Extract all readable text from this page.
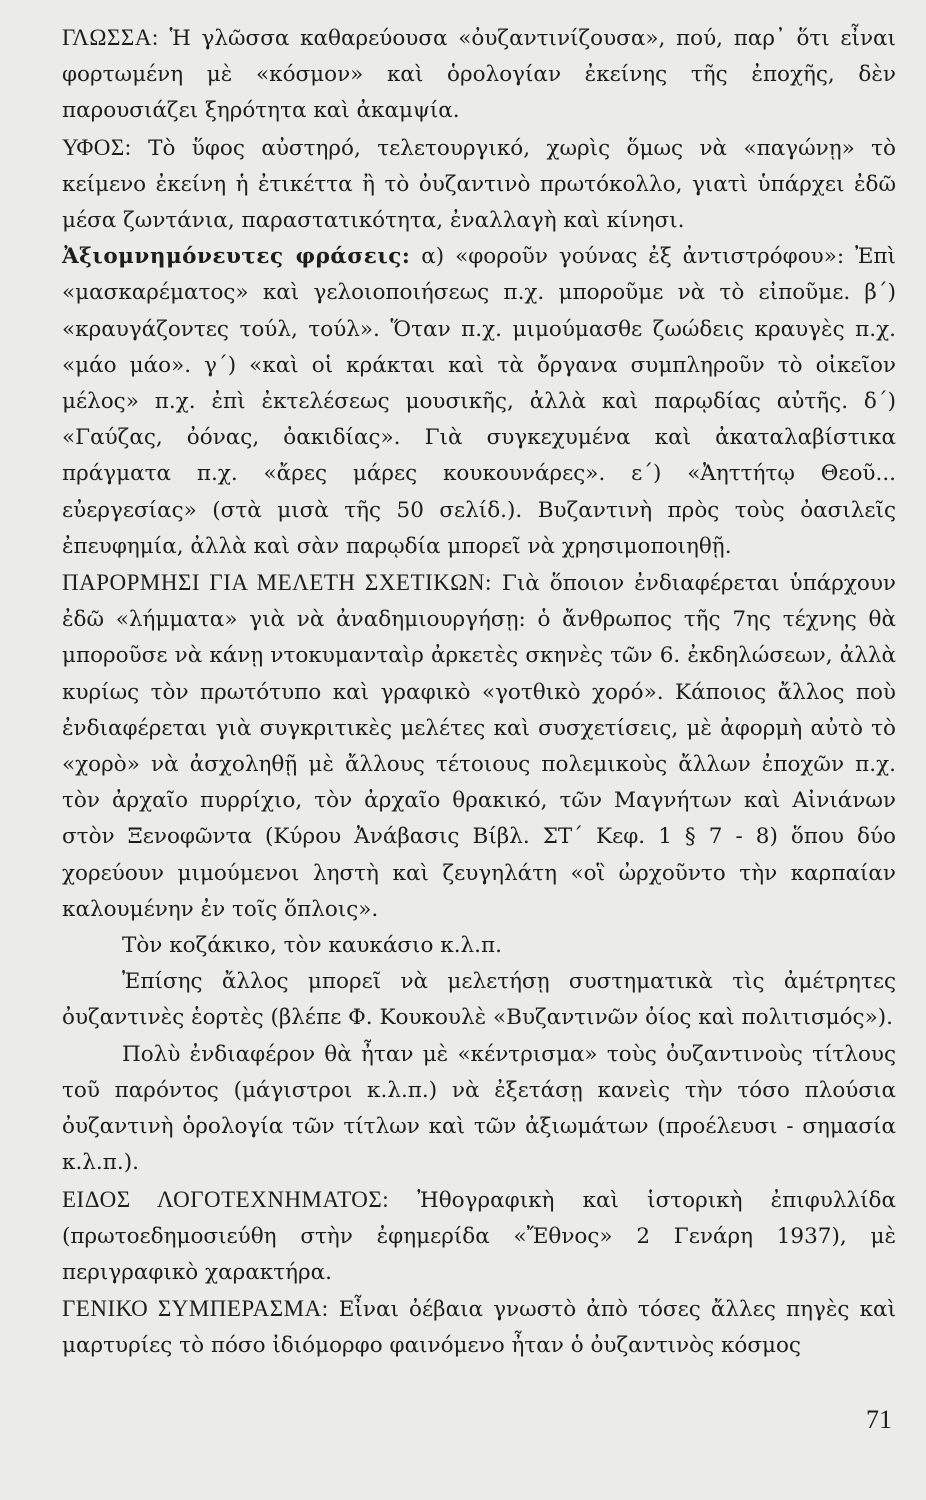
ΓΛΩΣΣΑ: Ἡ γλῶσσα καθαρεύουσα «ὀυζαντινίζουσα», πού, παρ᾽ ὅτι εἶναι φορτωμένη μὲ «κόσμον» καὶ ὁρολογίαν ἐκείνης τῆς ἐποχῆς, δὲν παρουσιάζει ξηρότητα καὶ ἀκαμψία.

ΥΦΟΣ: Τὸ ὕφος αὐστηρό, τελετουργικό, χωρὶς ὅμως νὰ «παγώνῃ» τὸ κείμενο ἐκείνη ἡ ἐτικέττα ἢ τὸ ὀυζαντινὸ πρωτόκολλο, γιατὶ ὑπάρχει ἐδῶ μέσα ζωντάνια, παραστατικότητα, ἐναλλαγὴ καὶ κίνησι.

Ἀξιομνημόνευτες φράσεις: α) «φοροῦν γούνας ἐξ ἀντιστρόφου»: Ἐπὶ «μασκαρέματος» καὶ γελοιοποιήσεως π.χ. μποροῦμε νὰ τὸ εἰποῦμε. β΄) «κραυγάζοντες τούλ, τούλ». Ὅταν π.χ. μιμούμασθε ζωώδεις κραυγὲς π.χ. «μάο μάο». γ΄) «καὶ οἱ κράκται καὶ τὰ ὄργανα συμπληροῦν τὸ οἰκεῖον μέλος» π.χ. ἐπὶ ἐκτελέσεως μουσικῆς, ἀλλὰ καὶ παρῳδίας αὐτῆς. δ΄) «Γαύζας, ὀόνας, ὀακιδίας». Γιὰ συγκεχυμένα καὶ ἀκαταλαβίστικα πράγματα π.χ. «ἄρες μάρες κουκουνάρες». ε΄) «Ἀηττήτῳ Θεοῦ... εὐεργεσίας» (στὰ μισὰ τῆς 50 σελίδ.). Βυζαντινὴ πρὸς τοὺς ὀασιλεῖς ἐπευφημία, ἀλλὰ καὶ σὰν παρῳδία μπορεῖ νὰ χρησιμοποιηθῇ.

ΠΑΡΟΡΜΗΣΙ ΓΙΑ ΜΕΛΕΤΗ ΣΧΕΤΙΚΩΝ: Γιὰ ὅποιον ἐνδιαφέρεται ὑπάρχουν ἐδῶ «λήμματα» γιὰ νὰ ἀναδημιουργήσῃ: ὁ ἄνθρωπος τῆς 7ης τέχνης θὰ μποροῦσε νὰ κάνῃ ντοκυμανταὶρ ἀρκετὲς σκηνὲς τῶν 6. ἐκδηλώσεων, ἀλλὰ κυρίως τὸν πρωτότυπο καὶ γραφικὸ «γοτθικὸ χορό». Κάποιος ἄλλος ποὺ ἐνδιαφέρεται γιὰ συγκριτικὲς μελέτες καὶ συσχετίσεις, μὲ ἀφορμὴ αὐτὸ τὸ «χορὸ» νὰ ἀσχοληθῇ μὲ ἄλλους τέτοιους πολεμικοὺς ἄλλων ἐποχῶν π.χ. τὸν ἀρχαῖο πυρρίχιο, τὸν ἀρχαῖο θρακικό, τῶν Μαγνήτων καὶ Αἰνιάνων στὸν Ξενοφῶντα (Κύρου Ἀνάβασις Βίβλ. ΣΤ΄ Κεφ. 1 § 7 - 8) ὅπου δύο χορεύουν μιμούμενοι ληστὴ καὶ ζευγηλάτη «οἳ ὠρχοῦντο τὴν καρπαίαν καλουμένην ἐν τοῖς ὅπλοις».

Τὸν κοζάκικο, τὸν καυκάσιο κ.λ.π.

Ἐπίσης ἄλλος μπορεῖ νὰ μελετήσῃ συστηματικὰ τὶς ἀμέτρητες ὀυζαντινὲς ἑορτὲς (βλέπε Φ. Κουκουλὲ «Βυζαντινῶν ὀίος καὶ πολιτισμός»).

Πολὺ ἐνδιαφέρον θὰ ἦταν μὲ «κέντρισμα» τοὺς ὀυζαντινοὺς τίτλους τοῦ παρόντος (μάγιστροι κ.λ.π.) νὰ ἐξετάσῃ κανεὶς τὴν τόσο πλούσια ὀυζαντινὴ ὁρολογία τῶν τίτλων καὶ τῶν ἀξιωμάτων (προέλευσι - σημασία κ.λ.π.).

ΕΙΔΟΣ ΛΟΓΟΤΕΧΝΗΜΑΤΟΣ: Ἠθογραφικὴ καὶ ἱστορικὴ ἐπιφυλλίδα (πρωτοεδημοσιεύθη στὴν ἐφημερίδα «Ἔθνος» 2 Γενάρη 1937), μὲ περιγραφικὸ χαρακτήρα.

ΓΕΝΙΚΟ ΣΥΜΠΕΡΑΣΜΑ: Εἶναι ὀέβαια γνωστὸ ἀπὸ τόσες ἄλλες πηγὲς καὶ μαρτυρίες τὸ πόσο ἰδιόμορφο φαινόμενο ἦταν ὁ ὀυζαντινὸς κόσμος

71
